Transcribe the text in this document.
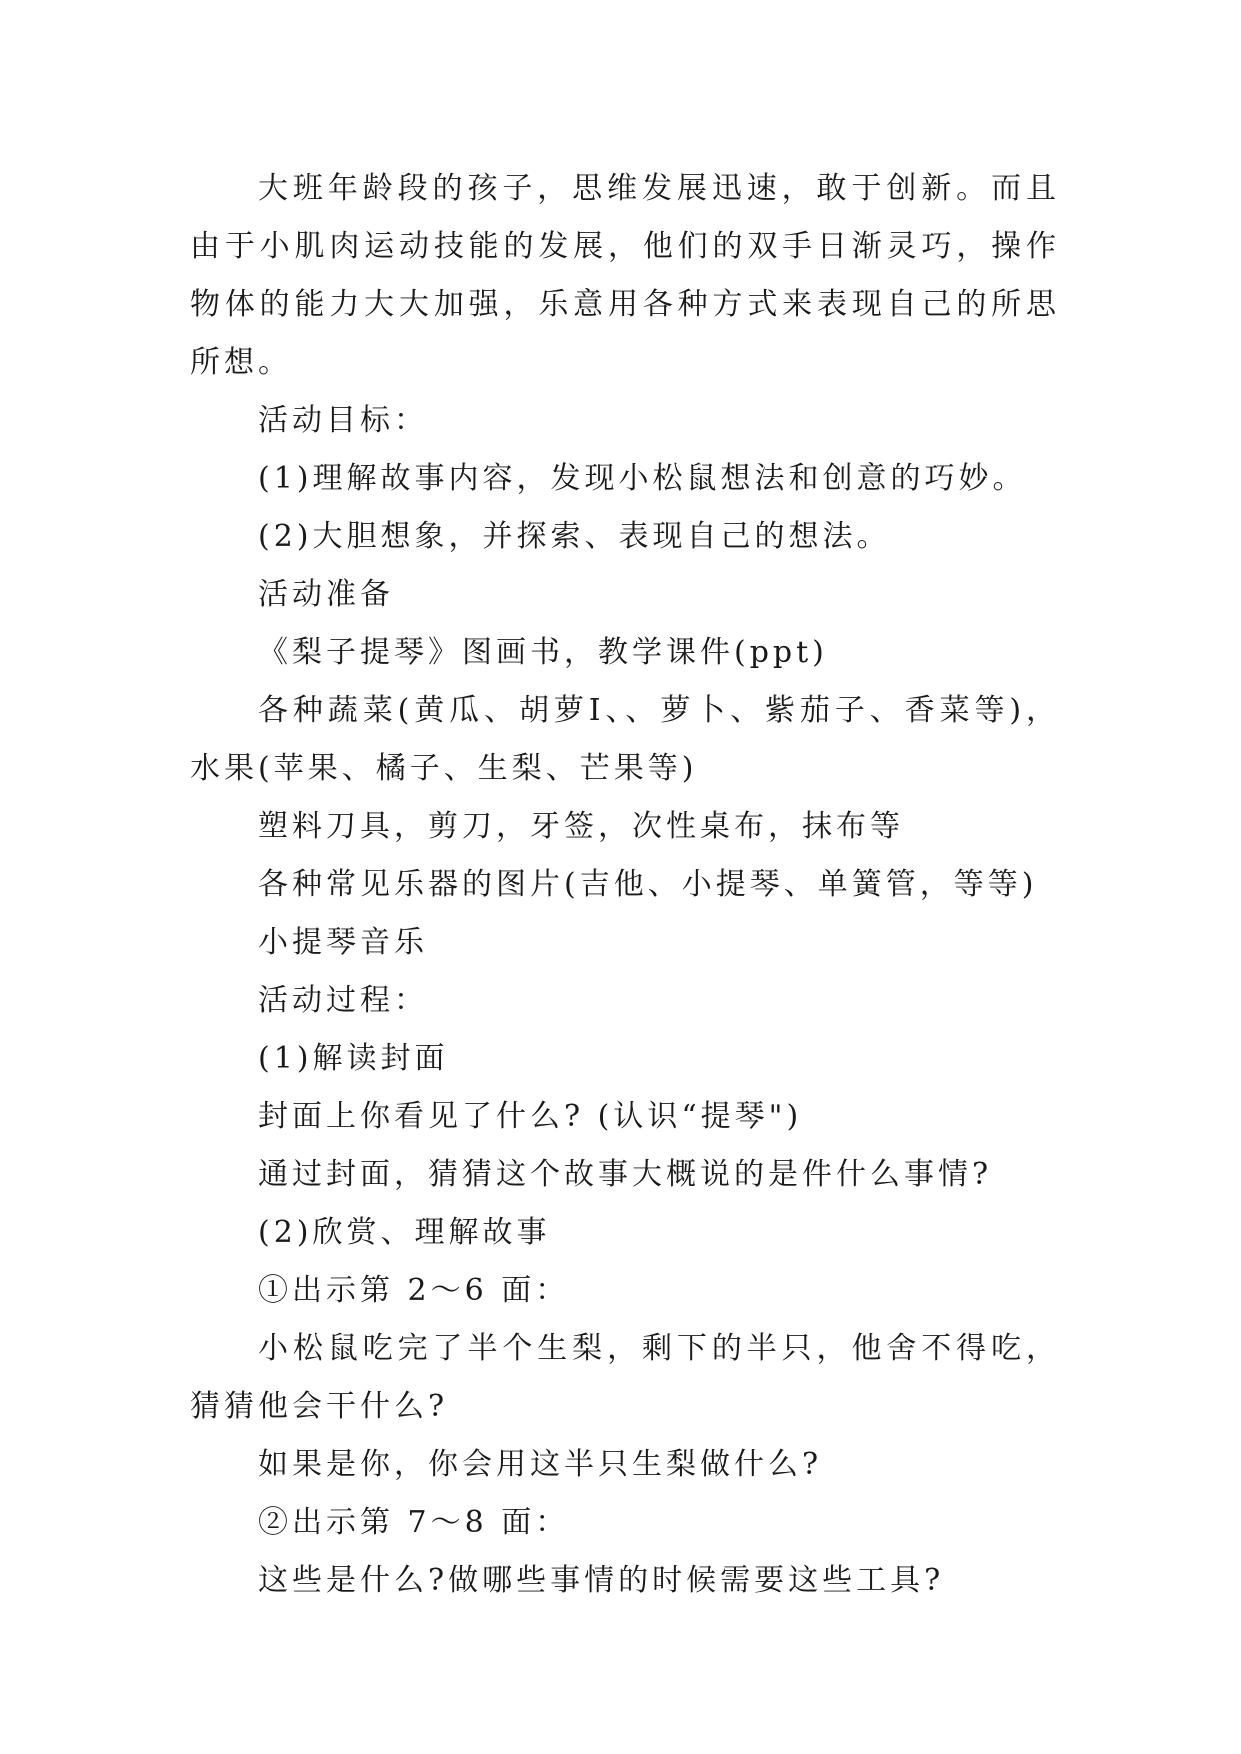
大班年龄段的孩子，思维发展迅速，敢于创新。而且由于小肌肉运动技能的发展，他们的双手日渐灵巧，操作物体的能力大大加强，乐意用各种方式来表现自己的所思所想。

活动目标：

(1)理解故事内容，发现小松鼠想法和创意的巧妙。

(2)大胆想象，并探索、表现自己的想法。

活动准备

《梨子提琴》图画书，教学课件(ppt)

各种蔬菜(黄瓜、胡萝I、、萝卜、紫茄子、香菜等)，水果(苹果、橘子、生梨、芒果等)

塑料刀具，剪刀，牙签，次性桌布，抹布等

各种常见乐器的图片(吉他、小提琴、单簧管，等等)

小提琴音乐

活动过程：

(1)解读封面

封面上你看见了什么? (认识“提琴")

通过封面，猜猜这个故事大概说的是件什么事情?

(2)欣赏、理解故事

①出示第 2～6 面：

小松鼠吃完了半个生梨，剩下的半只，他舍不得吃，猜猜他会干什么?

如果是你，你会用这半只生梨做什么?

②出示第 7～8 面：

这些是什么?做哪些事情的时候需要这些工具?
